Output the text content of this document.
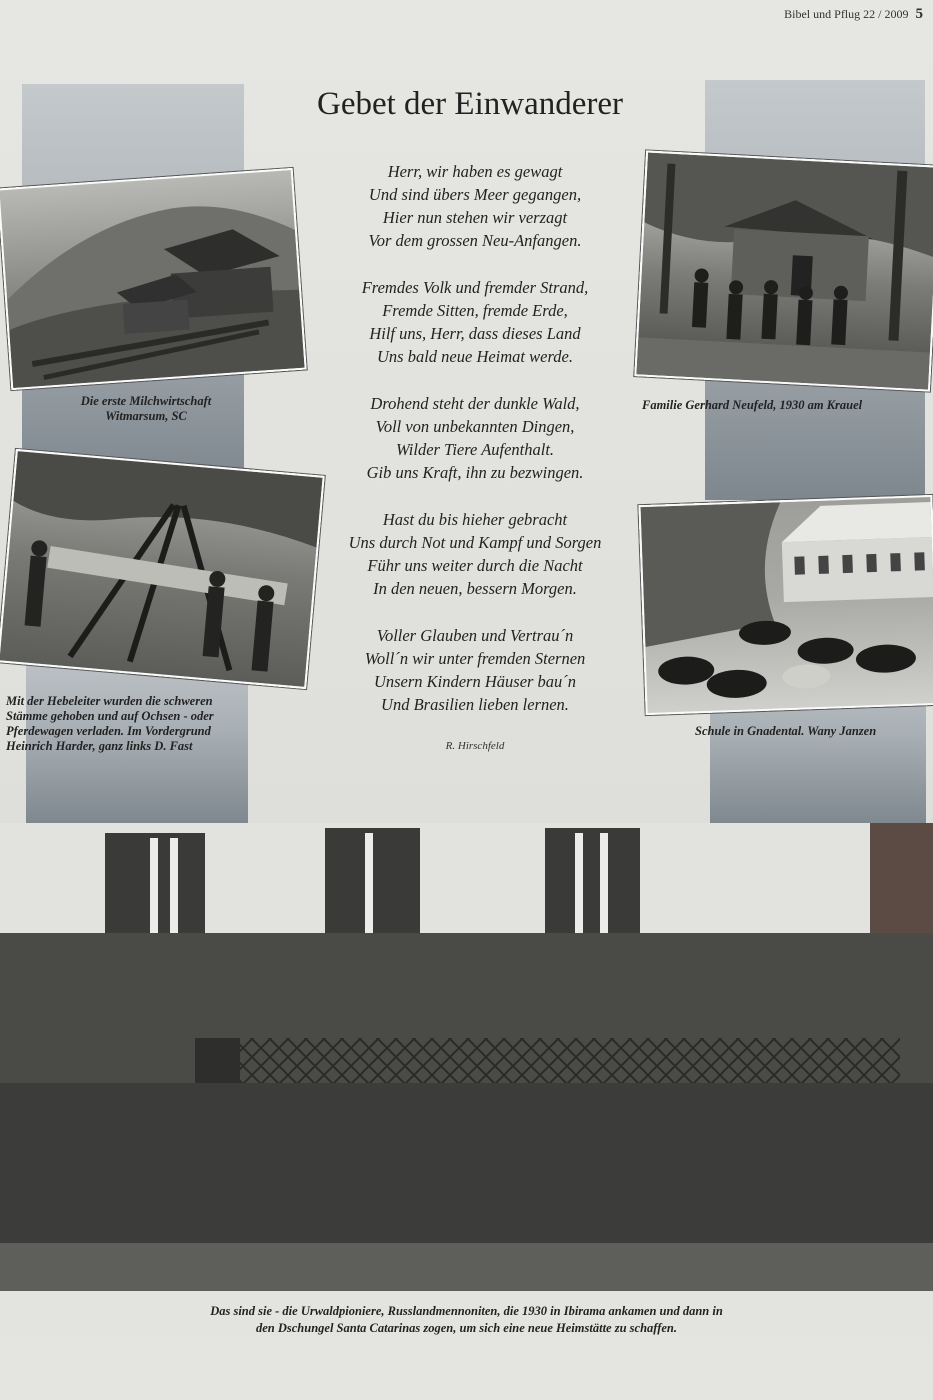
Bibel und Pflug 22 / 2009 5
Gebet der Einwanderer
Herr, wir haben es gewagt
Und sind übers Meer gegangen,
Hier nun stehen wir verzagt
Vor dem grossen Neu-Anfangen.
Fremdes Volk und fremder Strand,
Fremde Sitten, fremde Erde,
Hilf uns, Herr, dass dieses Land
Uns bald neue Heimat werde.
Drohend steht der dunkle Wald,
Voll von unbekannten Dingen,
Wilder Tiere Aufenthalt.
Gib uns Kraft, ihn zu bezwingen.
Hast du bis hieher gebracht
Uns durch Not und Kampf und Sorgen
Führ uns weiter durch die Nacht
In den neuen, bessern Morgen.
Voller Glauben und Vertrau´n
Woll´n wir unter fremden Sternen
Unsern Kindern Häuser bau´n
Und Brasilien lieben lernen.
R. Hirschfeld
Die erste Milchwirtschaft
Witmarsum, SC
Familie Gerhard Neufeld, 1930 am Krauel
Mit der Hebeleiter wurden die schweren
Stämme gehoben und auf Ochsen - oder
Pferdewagen verladen. Im Vordergrund
Heinrich Harder, ganz links D. Fast
Schule in Gnadental. Wany Janzen
Das sind sie - die Urwaldpioniere, Russlandmennoniten, die 1930 in Ibirama ankamen und dann in
den Dschungel Santa Catarinas zogen, um sich eine neue Heimstätte zu schaffen.
